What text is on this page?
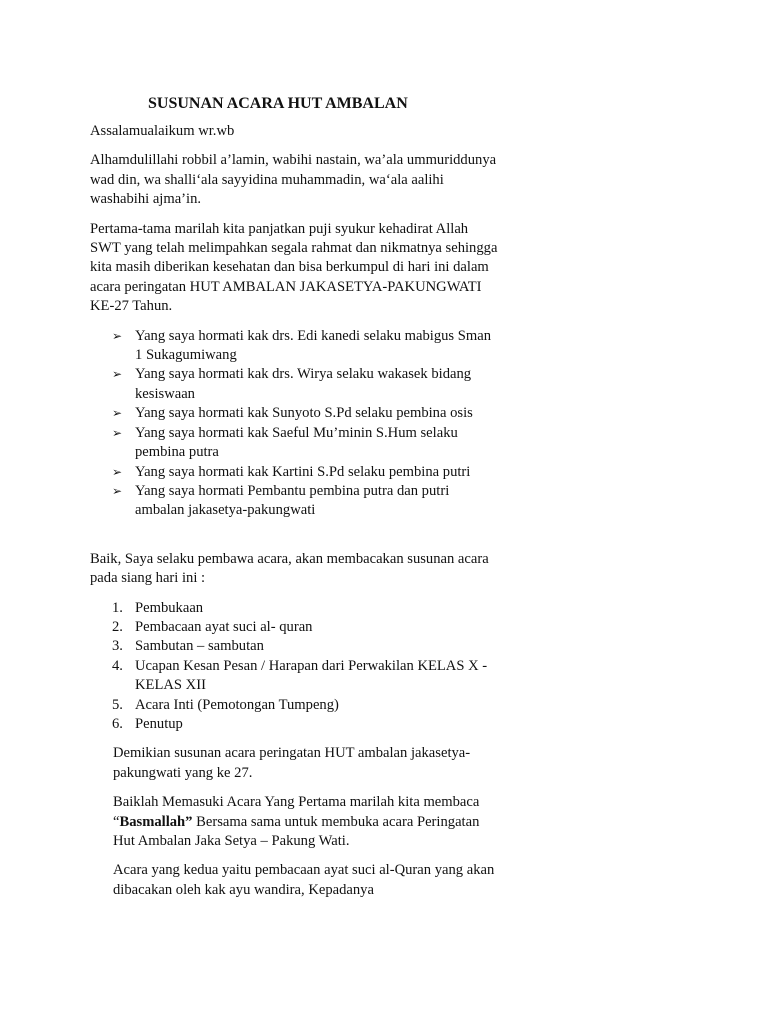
SUSUNAN ACARA HUT AMBALAN

Assalamualaikum wr.wb

Alhamdulillahi robbil a’lamin, wabihi nastain, wa’ala ummuriddunya wad din, wa shalli‘ala sayyidina muhammadin, wa‘ala aalihi washabihi ajma’in.

Pertama-tama marilah kita panjatkan puji syukur kehadirat Allah SWT yang telah melimpahkan segala rahmat dan nikmatnya sehingga kita masih diberikan kesehatan dan bisa berkumpul di hari ini dalam acara peringatan HUT AMBALAN JAKASETYA-PAKUNGWATI KE-27 Tahun.

➢ Yang saya hormati kak drs. Edi kanedi selaku mabigus Sman 1 Sukagumiwang
➢ Yang saya hormati kak drs. Wirya selaku wakasek bidang kesiswaan
➢ Yang saya hormati kak Sunyoto S.Pd selaku pembina osis
➢ Yang saya hormati kak Saeful Mu’minin S.Hum selaku pembina putra
➢ Yang saya hormati kak Kartini S.Pd selaku pembina putri
➢ Yang saya hormati Pembantu pembina putra dan putri ambalan jakasetya-pakungwati

Baik, Saya selaku pembawa acara, akan membacakan susunan acara pada siang hari ini :

1. Pembukaan
2. Pembacaan ayat suci al- quran
3. Sambutan – sambutan
4. Ucapan Kesan Pesan / Harapan dari Perwakilan KELAS X - KELAS XII
5. Acara Inti (Pemotongan Tumpeng)
6. Penutup

Demikian susunan acara peringatan HUT ambalan jakasetya-pakungwati yang ke 27.

Baiklah Memasuki Acara Yang Pertama marilah kita membaca “Basmallah” Bersama sama untuk membuka acara Peringatan Hut Ambalan Jaka Setya – Pakung Wati.

Acara yang kedua yaitu pembacaan ayat suci al-Quran yang akan dibacakan oleh kak ayu wandira, Kepadanya
